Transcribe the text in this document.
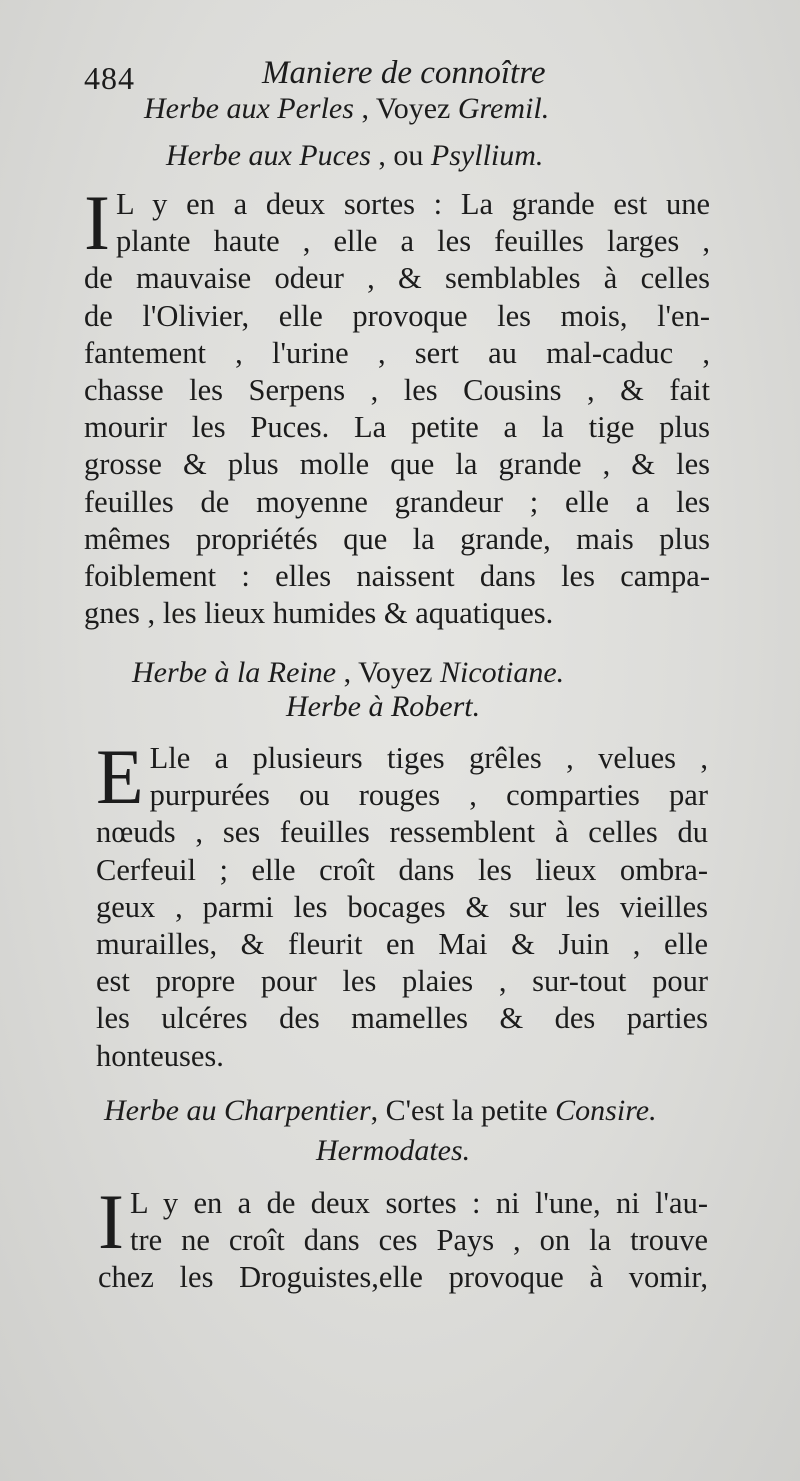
484	Maniere de connoître
Herbe aux Perles , Voyez Gremil.
Herbe aux Puces , ou Psyllium.
I L y en a deux sortes : La grande est une
plante haute , elle a les feuilles larges ,
de mauvaise odeur , & semblables à celles
de l'Olivier, elle provoque les mois, l'en-
fantement , l'urine , sert au mal-caduc ,
chasse les Serpens , les Cousins , & fait
mourir les Puces. La petite a la tige plus
grosse & plus molle que la grande , & les
feuilles de moyenne grandeur ; elle a les
mêmes propriétés que la grande, mais plus
foiblement : elles naissent dans les campa-
gnes , les lieux humides & aquatiques.
Herbe à la Reine , Voyez Nicotiane.
Herbe à Robert.
E Lle a plusieurs tiges grêles , velues ,
purpurées ou rouges , comparties par
nœuds , ses feuilles ressemblent à celles du
Cerfeuil ; elle croît dans les lieux ombra-
geux , parmi les bocages & sur les vieilles
murailles, & fleurit en Mai & Juin , elle
est propre pour les plaies , sur-tout pour
les ulcéres des mamelles & des parties
honteuses.
Herbe au Charpentier, C'est la petite Consire.
Hermodates.
I L y en a de deux sortes : ni l'une, ni l'au-
tre ne croît dans ces Pays , on la trouve
chez les Droguistes,elle provoque à vomir,
